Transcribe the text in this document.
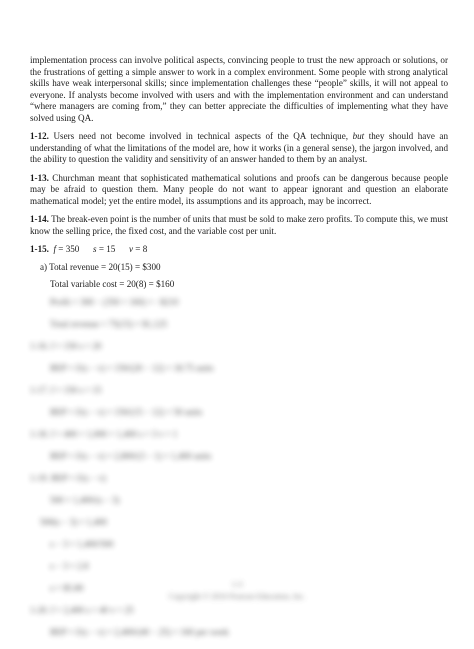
implementation process can involve political aspects, convincing people to trust the new approach or solutions, or the frustrations of getting a simple answer to work in a complex environment. Some people with strong analytical skills have weak interpersonal skills; since implementation challenges these “people” skills, it will not appeal to everyone. If analysts become involved with users and with the implementation environment and can understand “where managers are coming from,” they can better appreciate the difficulties of implementing what they have solved using QA.

1-12. Users need not become involved in technical aspects of the QA technique, but they should have an understanding of what the limitations of the model are, how it works (in a general sense), the jargon involved, and the ability to question the validity and sensitivity of an answer handed to them by an analyst.

1-13. Churchman meant that sophisticated mathematical solutions and proofs can be dangerous because people may be afraid to question them. Many people do not want to appear ignorant and question an elaborate mathematical model; yet the entire model, its assumptions and its approach, may be incorrect.

1-14. The break-even point is the number of units that must be sold to make zero profits. To compute this, we must know the selling price, the fixed cost, and the variable cost per unit.

1-15. f = 350 s = 15 v = 8
a) Total revenue = 20(15) = $300
Total variable cost = 20(8) = $160
Profit = 300 − (350 + 160) = −$210
Total revenue = 75(15) = $1,125
1-16. f = 150 s = 20
BEP = f/(s − v) = 150/(20 − 12) = 18.75 units
1-17. f = 150 s = 15
BEP = f/(s − v) = 150/(15 − 12) = 50 units
1-18. f = 400 + 1,000 + 1,400 s = 3 v = 1
BEP = f/(s − v) = 2,800/(3 − 1) = 1,400 units
1-19. BEP = f/(s − v)
500 = 1,400/(s − 3)
500(s − 3) = 1,400
s − 3 = 1,400/500
s − 3 = 2.8
s = $5.80
1-20. f = 2,400 s = 40 v = 25
BEP = f/(s − v) = 2,400/(40 − 25) = 160 per week
1-3
Copyright © 2016 Pearson Education, Inc.
